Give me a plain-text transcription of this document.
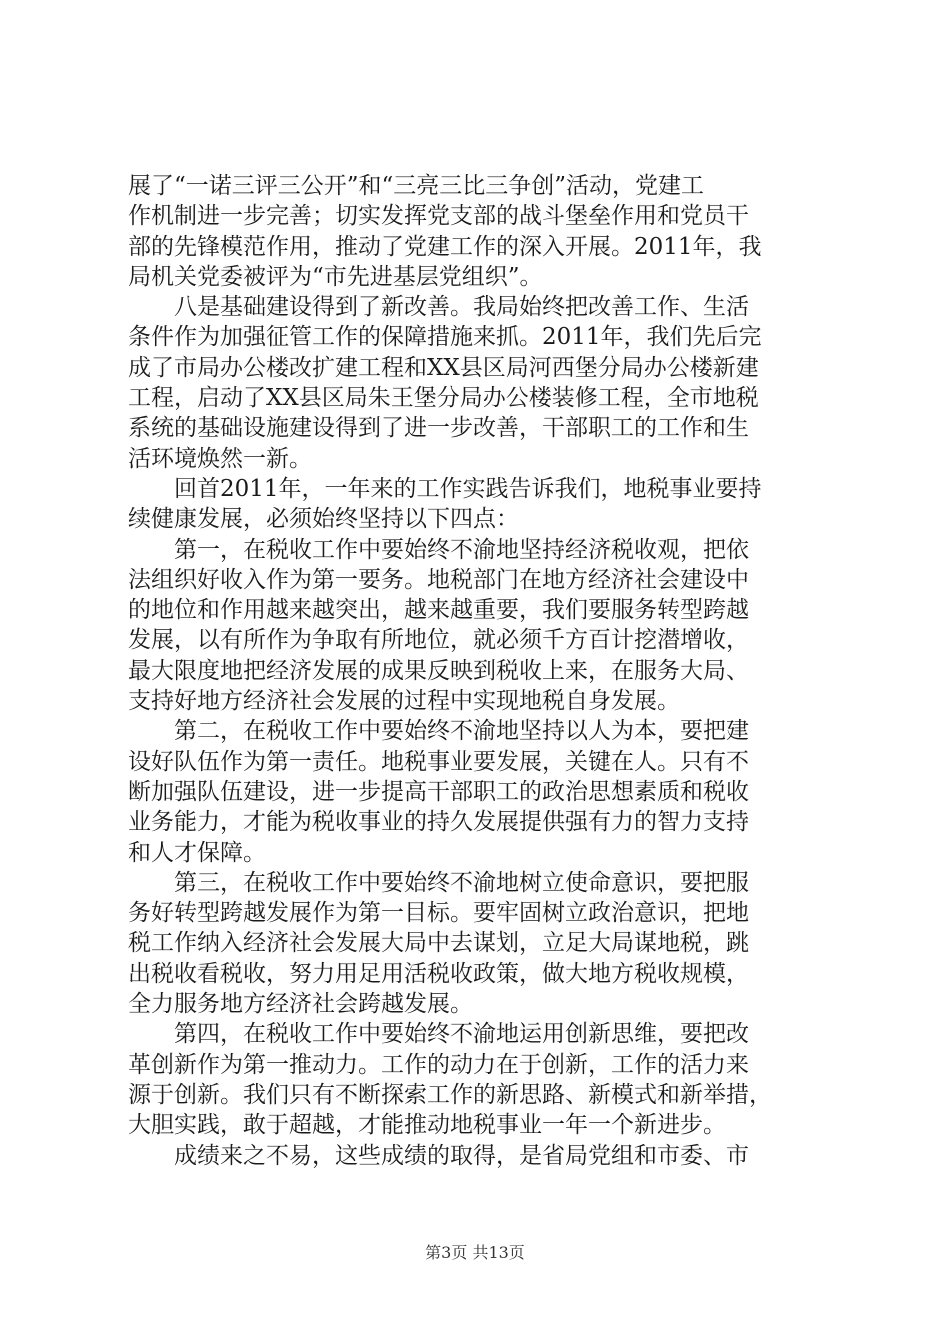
展了“一诺三评三公开”和“三亮三比三争创”活动，党建工
作机制进一步完善；切实发挥党支部的战斗堡垒作用和党员干
部的先锋模范作用，推动了党建工作的深入开展。2011年，我
局机关党委被评为“市先进基层党组织”。
　　八是基础建设得到了新改善。我局始终把改善工作、生活
条件作为加强征管工作的保障措施来抓。2011年，我们先后完
成了市局办公楼改扩建工程和XX县区局河西堡分局办公楼新建
工程，启动了XX县区局朱王堡分局办公楼装修工程，全市地税
系统的基础设施建设得到了进一步改善，干部职工的工作和生
活环境焕然一新。
　　回首2011年，一年来的工作实践告诉我们，地税事业要持
续健康发展，必须始终坚持以下四点：
　　第一，在税收工作中要始终不渝地坚持经济税收观，把依
法组织好收入作为第一要务。地税部门在地方经济社会建设中
的地位和作用越来越突出，越来越重要，我们要服务转型跨越
发展，以有所作为争取有所地位，就必须千方百计挖潜增收，
最大限度地把经济发展的成果反映到税收上来，在服务大局、
支持好地方经济社会发展的过程中实现地税自身发展。
　　第二，在税收工作中要始终不渝地坚持以人为本，要把建
设好队伍作为第一责任。地税事业要发展，关键在人。只有不
断加强队伍建设，进一步提高干部职工的政治思想素质和税收
业务能力，才能为税收事业的持久发展提供强有力的智力支持
和人才保障。
　　第三，在税收工作中要始终不渝地树立使命意识，要把服
务好转型跨越发展作为第一目标。要牢固树立政治意识，把地
税工作纳入经济社会发展大局中去谋划，立足大局谋地税，跳
出税收看税收，努力用足用活税收政策，做大地方税收规模，
全力服务地方经济社会跨越发展。
　　第四，在税收工作中要始终不渝地运用创新思维，要把改
革创新作为第一推动力。工作的动力在于创新，工作的活力来
源于创新。我们只有不断探索工作的新思路、新模式和新举措，
大胆实践，敢于超越，才能推动地税事业一年一个新进步。
　　成绩来之不易，这些成绩的取得，是省局党组和市委、市
第3页 共13页
